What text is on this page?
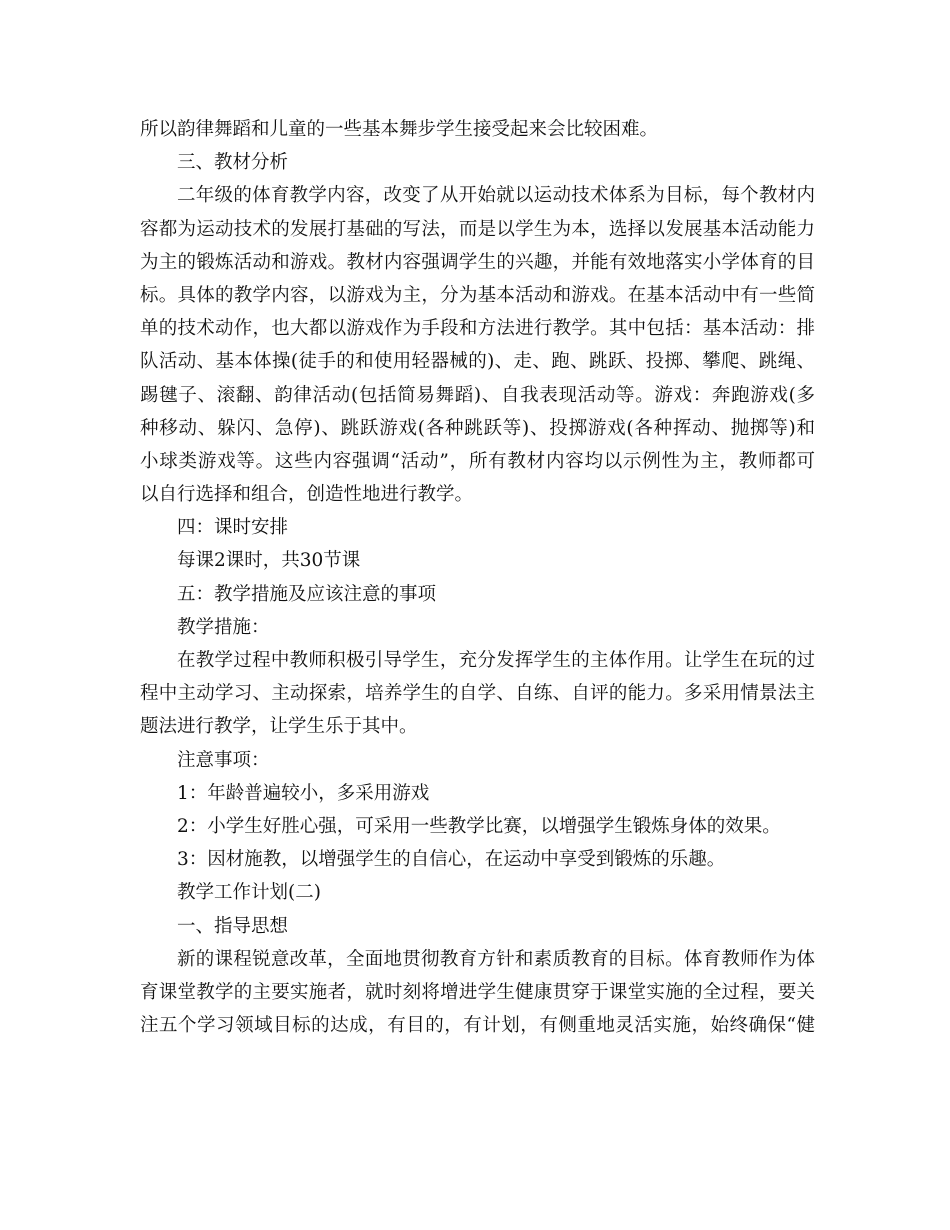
所以韵律舞蹈和儿童的一些基本舞步学生接受起来会比较困难。
三、教材分析
二年级的体育教学内容，改变了从开始就以运动技术体系为目标，每个教材内
容都为运动技术的发展打基础的写法，而是以学生为本，选择以发展基本活动能力
为主的锻炼活动和游戏。教材内容强调学生的兴趣，并能有效地落实小学体育的目
标。具体的教学内容，以游戏为主，分为基本活动和游戏。在基本活动中有一些简
单的技术动作，也大都以游戏作为手段和方法进行教学。其中包括：基本活动：排
队活动、基本体操(徒手的和使用轻器械的)、走、跑、跳跃、投掷、攀爬、跳绳、
踢毽子、滚翻、韵律活动(包括简易舞蹈)、自我表现活动等。游戏：奔跑游戏(多
种移动、躲闪、急停)、跳跃游戏(各种跳跃等)、投掷游戏(各种挥动、抛掷等)和
小球类游戏等。这些内容强调“活动”，所有教材内容均以示例性为主，教师都可
以自行选择和组合，创造性地进行教学。
四：课时安排
每课2课时，共30节课
五：教学措施及应该注意的事项
教学措施：
在教学过程中教师积极引导学生，充分发挥学生的主体作用。让学生在玩的过
程中主动学习、主动探索，培养学生的自学、自练、自评的能力。多采用情景法主
题法进行教学，让学生乐于其中。
注意事项：
1：年龄普遍较小，多采用游戏
2：小学生好胜心强，可采用一些教学比赛，以增强学生锻炼身体的效果。
3：因材施教，以增强学生的自信心，在运动中享受到锻炼的乐趣。
教学工作计划(二)
一、指导思想
新的课程锐意改革，全面地贯彻教育方针和素质教育的目标。体育教师作为体
育课堂教学的主要实施者，就时刻将增进学生健康贯穿于课堂实施的全过程，要关
注五个学习领域目标的达成，有目的，有计划，有侧重地灵活实施，始终确保“健
